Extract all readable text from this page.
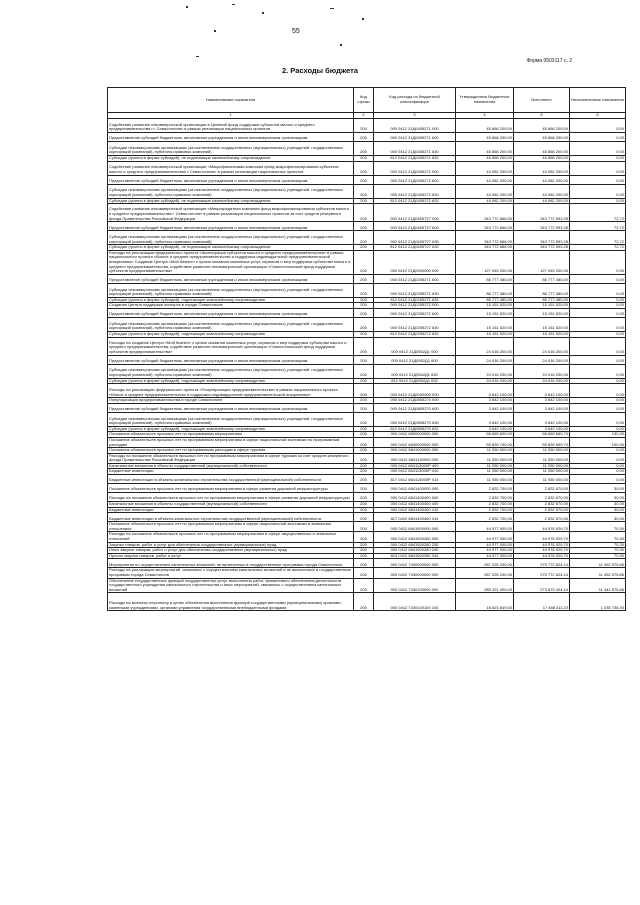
55
Форма 0503117 с. 2
2. Расходы бюджета
Наименование показателя	Код строки	Код расхода по бюджетной классификации	Утвержденные бюджетные назначения	Исполнено	Неисполненные назначения
1	2	3	4	5	6
Содействие развитию некоммерческой организации в Целевой фонд поддержки субъектов малого и среднего предпринимательства г.г. Севастополя» в рамках реализации национальных проектов	200	000 0412 21Д0455271 000	45 868 200,00	45 868 200,00	0,00
Предоставление субсидий бюджетным, автономным учреждениям и иным некоммерческим организациям	200	000 0412 21Д0455271 600	45 868 200,00	45 868 200,00	0,00
Субсидии некоммерческим организациям (за исключением государственных (муниципальных) учреждений, государственных корпораций (компаний), публично-правовых компаний)	200	000 0412 21Д0455271 630	45 868 200,00	45 868 200,00	0,00
Субсидии (гранты в форме субсидий), не подлежащие казначейскому сопровождению	200	812 0412 21Д0455271 632	45 868 200,00	45 868 200,00	0,00
Содействие развитию некоммерческой организации «Микрофинансовая компания фонд микрофинансирования субъектов малого и среднего предпринимательства г. Севастополя» в рамках реализации национальных проектов	200	000 0412 21Д0455272 000	44 082 200,00	44 082 200,00	0,00
Предоставление субсидий бюджетным, автономным учреждениям и иным некоммерческим организациям	200	000 0412 21Д0455272 600	44 082 200,00	44 082 200,00	0,00
Субсидии некоммерческим организациям (за исключением государственных (муниципальных) учреждений, государственных корпораций (компаний), публично-правовых компаний)	200	000 0412 21Д0455272 630	44 082 200,00	44 082 200,00	0,00
Субсидии (гранты в форме субсидий), не подлежащие казначейскому сопровождению	200	812 0412 21Д0455272 632	44 082 200,00	44 082 200,00	0,00
Содействие развитию некоммерческой организации «Микрокредитная компания фонд микрофинансирования субъектов малого и среднего предпринимательства г. Севастополя» в рамках реализации национальных проектов за счет средств резервного фонда Правительства Российской Федерации	200	000 0412 21Д0455Т27 000	343 772 666,00	343 772 593,28	72,72
Предоставление субсидий бюджетным, автономным учреждениям и иным некоммерческим организациям	200	000 0412 21Д0455Т27 600	343 772 666,00	343 772 593,28	72,72
Субсидии некоммерческим организациям (за исключением государственных (муниципальных) учреждений, государственных корпораций (компаний), публично-правовых компаний)	200	000 0412 21Д0455Т27 630	343 772 666,00	343 772 593,28	72,72
Субсидии (гранты в форме субсидий), не подлежащие казначейскому сопровождению	200	812 0412 21Д0455Т27 632	343 772 666,00	343 772 593,28	72,72
Расходы на реализацию федерального проекта «Акселерация субъектов малого и среднего предпринимательства» в рамках национального проекта «Малое и среднее предпринимательство и поддержка индивидуальной предпринимательской инициативы» Создание Центра «Мой бизнес» с целью оказания комплекса услуг, сервисов и мер поддержки субъектам малого и среднего предпринимательства, содействие развитию некоммерческой организации «Севастопольский фонд поддержки субъектов предпринимательства»	200	000 0412 21Д0000000 000	127 945 200,00	127 945 200,00	0,00
Предоставление субсидий бюджетным, автономным учреждениям и иным некоммерческим организациям	200	000 0412 21Д0255271 600	86 777 480,00	86 777 480,00	0,00
Субсидии некоммерческим организациям (за исключением государственных (муниципальных) учреждений, государственных корпораций (компаний), публично-правовых компаний)	200	000 0412 21Д0255271 630	86 777 480,00	86 777 480,00	0,00
Субсидии (гранты в форме субсидий), подлежащие казначейскому сопровождению	200	812 0412 21Д0255271 632	86 777 480,00	86 777 480,00	0,00
Создание Центра поддержки экспорта в городе Севастополе	200	000 0412 21Д0255272 000	15 151 520,00	15 151 520,00	0,00
Предоставление субсидий бюджетным, автономным учреждениям и иным некоммерческим организациям	200	000 0412 21Д0255272 600	15 151 520,00	15 151 520,00	0,00
Субсидии некоммерческим организациям (за исключением государственных (муниципальных) учреждений, государственных корпораций (компаний), публично-правовых компаний)	200	000 0412 21Д0255272 630	15 151 520,00	15 151 520,00	0,00
Субсидии (гранты в форме субсидий), подлежащие казначейскому сопровождению	200	812 0412 21Д0255272 632	15 151 520,00	15 151 520,00	0,00
Расходы на создание Центра «Мой бизнес» с целью оказания комплекса услуг, сервисов и мер поддержки субъектам малого и среднего предпринимательства, содействие развитию некоммерческой организации «Севастопольский фонд поддержки субъектов предпринимательства»	200	000 0412 21Д0552Д1 000	24 016 200,00	24 016 200,00	0,00
Предоставление субсидий бюджетным, автономным учреждениям и иным некоммерческим организациям	200	000 0412 21Д0552Д1 600	24 016 200,00	24 016 200,00	0,00
Субсидии некоммерческим организациям (за исключением государственных (муниципальных) учреждений, государственных корпораций (компаний), публично-правовых компаний)	200	000 0412 21Д0552Д1 630	24 016 200,00	24 016 200,00	0,00
Субсидии (гранты в форме субсидий), подлежащие казначейскому сопровождению	200	812 0412 21Д0552Д1 632	24 016 200,00	24 016 200,00	0,00
Расходы на реализацию федерального проекта «Популяризация предпринимательства» в рамках национального проекта «Малое и среднее предпринимательство и поддержка индивидуальной предпринимательской инициативы»	200	000 0412 21Д0000000 000	3 642 100,00	3 642 100,00	0,00
Популяризация предпринимательства в городе Севастополе	200	000 0412 21Д0855270 000	3 642 100,00	3 642 100,00	0,00
Предоставление субсидий бюджетным, автономным учреждениям и иным некоммерческим организациям	200	000 0412 21Д0855270 600	3 642 100,00	3 642 100,00	0,00
Субсидии некоммерческим организациям (за исключением государственных (муниципальных) учреждений, государственных корпораций (компаний), публично-правовых компаний)	200	000 0412 21Д0855270 630	3 642 100,00	3 642 100,00	0,00
Субсидии (гранты в форме субсидий), подлежащие казначейскому сопровождению	200	812 0412 21Д0855270 632	3 642 100,00	3 642 100,00	0,00
Погашение обязательств прошлых лет по программным мероприятиям	200	000 0412 6800000000 000	56 669 800,00	56 669 669,70	130,30
Погашение обязательств прошлых лет по программным мероприятиям в сфере национальной экономики по программным расходам	200	000 0412 6840000000 000	55 839 700,00	55 839 599,70	100,30
Погашение обязательств прошлых лет по программным расходам в сфере туризма	200	000 0412 6841000000 000	11 050 000,00	11 050 000,00	0,00
Расходы на погашение обязательств прошлых лет по программным мероприятиям в сфере туризма за счет средств резервного фонда Правительства Российской Федерации	200	000 0412 6841130000 000	11 050 000,00	11 050 000,00	0,00
Капитальные вложения в объекты государственной (муниципальной) собственности	200	000 0412 684113000Р 400	11 050 000,00	11 050 000,00	0,00
Бюджетные инвестиции	200	000 0412 684113000Р 410	11 050 000,00	11 050 000,00	0,00
Бюджетные инвестиции в объекты капитального строительства государственной (муниципальной) собственности	200	817 0412 684113000Р 414	11 050 000,00	11 050 000,00	0,00
Погашение обязательств прошлых лет по программным мероприятиям в сфере развития дорожной инфраструктуры	200	000 0412 6841400000 000	2 832 700,00	2 832 670,00	30,00
Расходы на погашение обязательств прошлых лет по программным мероприятиям в сфере развития дорожной инфраструктуры	200	000 0412 6841400400 000	2 832 700,00	2 832 670,00	30,00
Капитальные вложения в объекты государственной (муниципальной) собственности	200	000 0412 6841400400 400	2 832 700,00	2 832 670,00	30,00
Бюджетные инвестиции	200	000 0412 6841400400 410	2 832 700,00	2 832 670,00	30,00
Бюджетные инвестиции в объекты капитального строительства государственной (муниципальной) собственности	200	817 0412 6841400400 414	2 832 700,00	2 832 670,00	30,00
Погашение обязательств прошлых лет по программным мероприятиям в сфере национальной экономики в земельных отношениях	200	000 0412 6841500000 000	44 977 000,00	44 976 929,70	70,30
Расходы на погашение обязательств прошлых лет по программным мероприятиям в сфере имущественных и земельных отношений	200	000 0412 6841500260 000	44 977 000,00	44 976 929,70	70,30
Закупка товаров, работ и услуг для обеспечения государственных (муниципальных) нужд	200	000 0412 6841500260 200	44 977 000,00	44 976 929,70	70,30
Иные закупки товаров, работ и услуг для обеспечения государственных (муниципальных) нужд	200	000 0412 6841500260 240	44 977 000,00	44 976 929,70	70,30
Прочая закупка товаров, работ и услуг	200	823 0412 6841500260 244	44 977 000,00	44 976 929,70	70,30
Мероприятия по осуществлению капитальных вложений, не включенных в государственные программы города Севастополя	200	000 0412 7400000000 000	287 225 200,00	275 772 624,14	11 452 575,86
Расходы на реализацию мероприятий, связанных с осуществлением капитальных вложений и не включенных в государственные программы города Севастополя	200	000 0412 7430000000 000	287 225 200,00	275 772 624,14	11 452 575,86
Обеспечение государственных функций государственных услуг, выполнения работ, финансового обеспечения деятельности государственного учреждения капитального строительства и иных мероприятий, связанных с осуществлением капитальных вложений	200	000 0412 7430100000 000	285 321 000,00	273 879 424,14	11 441 575,86
Расходы на выплаты персоналу в целях обеспечения выполнения функций государственными (муниципальными) органами, казенными учреждениями, органами управления государственными внебюджетными фондами	200	000 0412 7430100100 100	18 623 849,53	17 488 311,23	1 035 738,30
